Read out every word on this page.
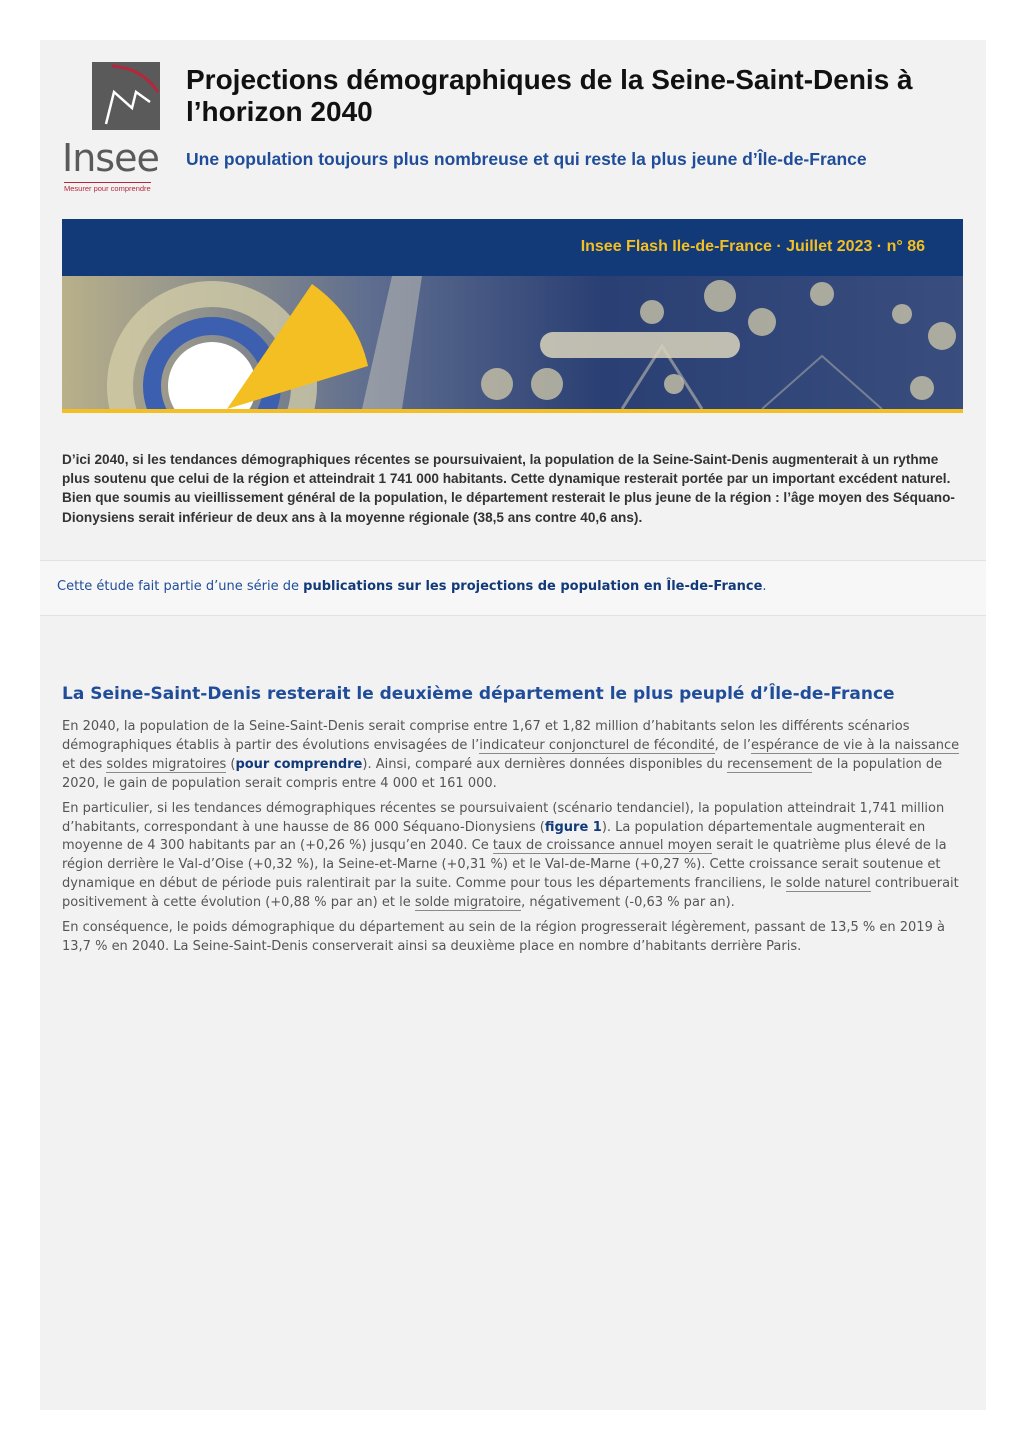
Insee
Mesurer pour comprendre
Projections démographiques de la Seine-Saint-Denis à l’horizon 2040
Une population toujours plus nombreuse et qui reste la plus jeune d’Île-de-France
Insee Flash Ile-de-France · Juillet 2023 · n° 86

D’ici 2040, si les tendances démographiques récentes se poursuivaient, la population de la Seine-Saint-Denis augmenterait à un rythme plus soutenu que celui de la région et atteindrait 1 741 000 habitants. Cette dynamique resterait portée par un important excédent naturel. Bien que soumis au vieillissement général de la population, le département resterait le plus jeune de la région : l’âge moyen des Séquano-Dionysiens serait inférieur de deux ans à la moyenne régionale (38,5 ans contre 40,6 ans).

Cette étude fait partie d’une série de publications sur les projections de population en Île-de-France.

La Seine-Saint-Denis resterait le deuxième département le plus peuplé d’Île-de-France

En 2040, la population de la Seine-Saint-Denis serait comprise entre 1,67 et 1,82 million d’habitants selon les différents scénarios démographiques établis à partir des évolutions envisagées de l’indicateur conjoncturel de fécondité, de l’espérance de vie à la naissance et des soldes migratoires (pour comprendre). Ainsi, comparé aux dernières données disponibles du recensement de la population de 2020, le gain de population serait compris entre 4 000 et 161 000.

En particulier, si les tendances démographiques récentes se poursuivaient (scénario tendanciel), la population atteindrait 1,741 million d’habitants, correspondant à une hausse de 86 000 Séquano-Dionysiens (figure 1). La population départementale augmenterait en moyenne de 4 300 habitants par an (+0,26 %) jusqu’en 2040. Ce taux de croissance annuel moyen serait le quatrième plus élevé de la région derrière le Val-d’Oise (+0,32 %), la Seine-et-Marne (+0,31 %) et le Val-de-Marne (+0,27 %). Cette croissance serait soutenue et dynamique en début de période puis ralentirait par la suite. Comme pour tous les départements franciliens, le solde naturel contribuerait positivement à cette évolution (+0,88 % par an) et le solde migratoire, négativement (-0,63 % par an).

En conséquence, le poids démographique du département au sein de la région progresserait légèrement, passant de 13,5 % en 2019 à 13,7 % en 2040. La Seine-Saint-Denis conserverait ainsi sa deuxième place en nombre d’habitants derrière Paris.
